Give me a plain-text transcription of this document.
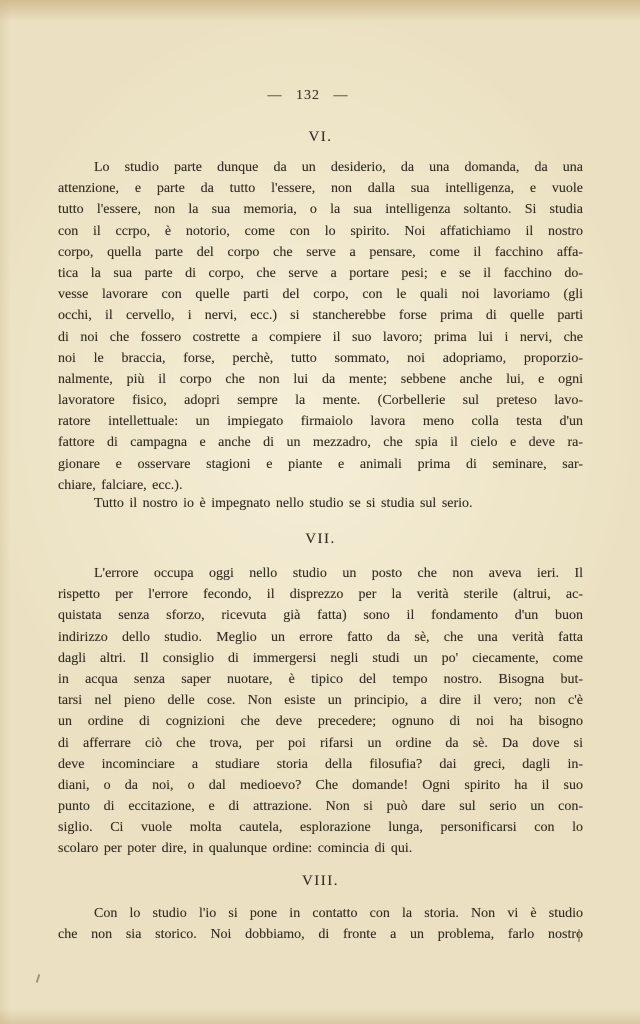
— 132 —
VI.
Lo studio parte dunque da un desiderio, da una domanda, da una
attenzione, e parte da tutto l'essere, non dalla sua intelligenza, e vuole
tutto l'essere, non la sua memoria, o la sua intelligenza soltanto. Si studia
con il ccrpo, è notorio, come con lo spirito. Noi affatichiamo il nostro
corpo, quella parte del corpo che serve a pensare, come il facchino affa-
tica la sua parte di corpo, che serve a portare pesi; e se il facchino do-
vesse lavorare con quelle parti del corpo, con le quali noi lavoriamo (gli
occhi, il cervello, i nervi, ecc.) si stancherebbe forse prima di quelle parti
di noi che fossero costrette a compiere il suo lavoro; prima lui i nervi, che
noi le braccia, forse, perchè, tutto sommato, noi adopriamo, proporzio-
nalmente, più il corpo che non lui da mente; sebbene anche lui, e ogni
lavoratore fisico, adopri sempre la mente. (Corbellerie sul preteso lavo-
ratore intellettuale: un impiegato firmaiolo lavora meno colla testa d'un
fattore di campagna e anche di un mezzadro, che spia il cielo e deve ra-
gionare e osservare stagioni e piante e animali prima di seminare, sar-
chiare, falciare, ecc.).
Tutto il nostro io è impegnato nello studio se si studia sul serio.
VII.
L'errore occupa oggi nello studio un posto che non aveva ieri. Il
rispetto per l'errore fecondo, il disprezzo per la verità sterile (altrui, ac-
quistata senza sforzo, ricevuta già fatta) sono il fondamento d'un buon
indirizzo dello studio. Meglio un errore fatto da sè, che una verità fatta
dagli altri. Il consiglio di immergersi negli studi un po' ciecamente, come
in acqua senza saper nuotare, è tipico del tempo nostro. Bisogna but-
tarsi nel pieno delle cose. Non esiste un principio, a dire il vero; non c'è
un ordine di cognizioni che deve precedere; ognuno di noi ha bisogno
di afferrare ciò che trova, per poi rifarsi un ordine da sè. Da dove si
deve incominciare a studiare storia della filosufia? dai greci, dagli in-
diani, o da noi, o dal medioevo? Che domande! Ogni spirito ha il suo
punto di eccitazione, e di attrazione. Non si può dare sul serio un con-
siglio. Ci vuole molta cautela, esplorazione lunga, personificarsi con lo
scolaro per poter dire, in qualunque ordine: comincia di qui.
VIII.
Con lo studio l'io si pone in contatto con la storia. Non vi è studio
che non sia storico. Noi dobbiamo, di fronte a un problema, farlo nostro
